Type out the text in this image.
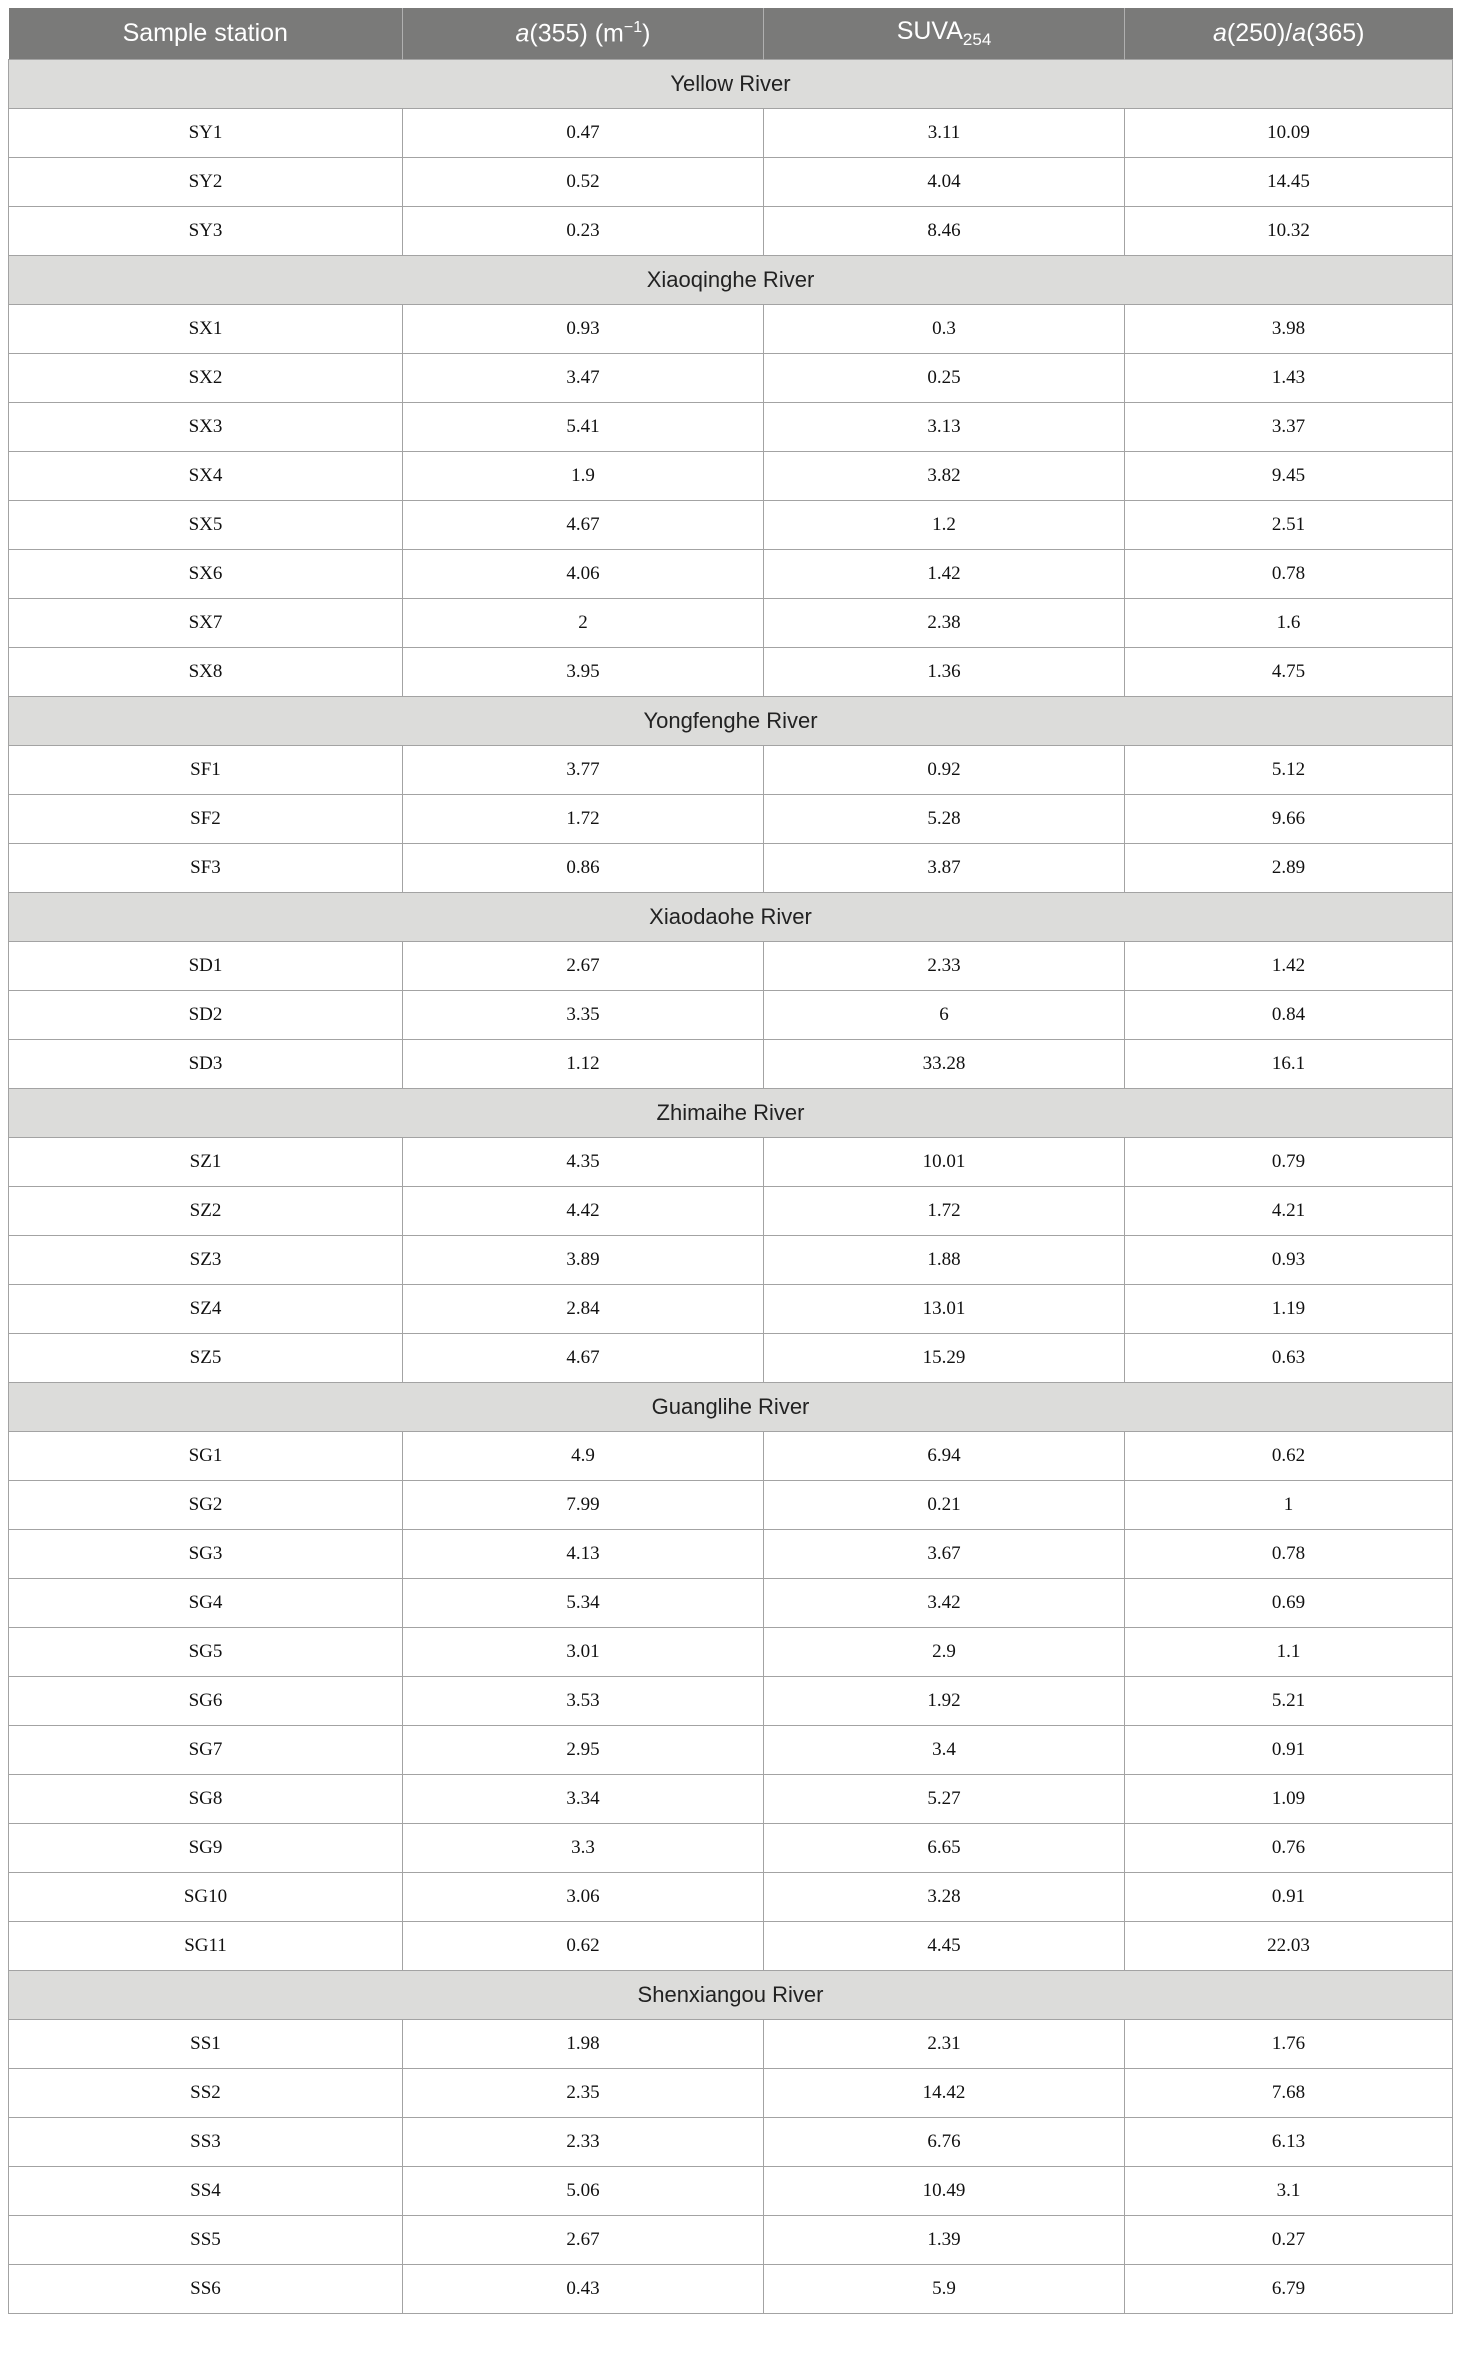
Sample station	a(355) $(m^{-1})$	$SUVA_{254}$	a(250)/a(365)
Yellow River			
SY1	0.47	3.11	10.09
SY2	0.52	4.04	14.45
SY3	0.23	8.46	10.32
Xiaoqinghe River			
SX1	0.93	0.3	3.98
SX2	3.47	0.25	1.43
SX3	5.41	3.13	3.37
SX4	1.9	3.82	9.45
SX5	4.67	1.2	2.51
SX6	4.06	1.42	0.78
SX7	2	2.38	1.6
SX8	3.95	1.36	4.75
Yongfenghe River			
SF1	3.77	0.92	5.12
SF2	1.72	5.28	9.66
SF3	0.86	3.87	2.89
Xiaodaohe River			
SD1	2.67	2.33	1.42
SD2	3.35	6	0.84
SD3	1.12	33.28	16.1
Zhimaihe River			
SZ1	4.35	10.01	0.79
SZ2	4.42	1.72	4.21
SZ3	3.89	1.88	0.93
SZ4	2.84	13.01	1.19
SZ5	4.67	15.29	0.63
Guanglihe River			
SG1	4.9	6.94	0.62
SG2	7.99	0.21	1
SG3	4.13	3.67	0.78
SG4	5.34	3.42	0.69
SG5	3.01	2.9	1.1
SG6	3.53	1.92	5.21
SG7	2.95	3.4	0.91
SG8	3.34	5.27	1.09
SG9	3.3	6.65	0.76
SG10	3.06	3.28	0.91
SG11	0.62	4.45	22.03
Shenxiangou River			
SS1	1.98	2.31	1.76
SS2	2.35	14.42	7.68
SS3	2.33	6.76	6.13
SS4	5.06	10.49	3.1
SS5	2.67	1.39	0.27
SS6	0.43	5.9	6.79
